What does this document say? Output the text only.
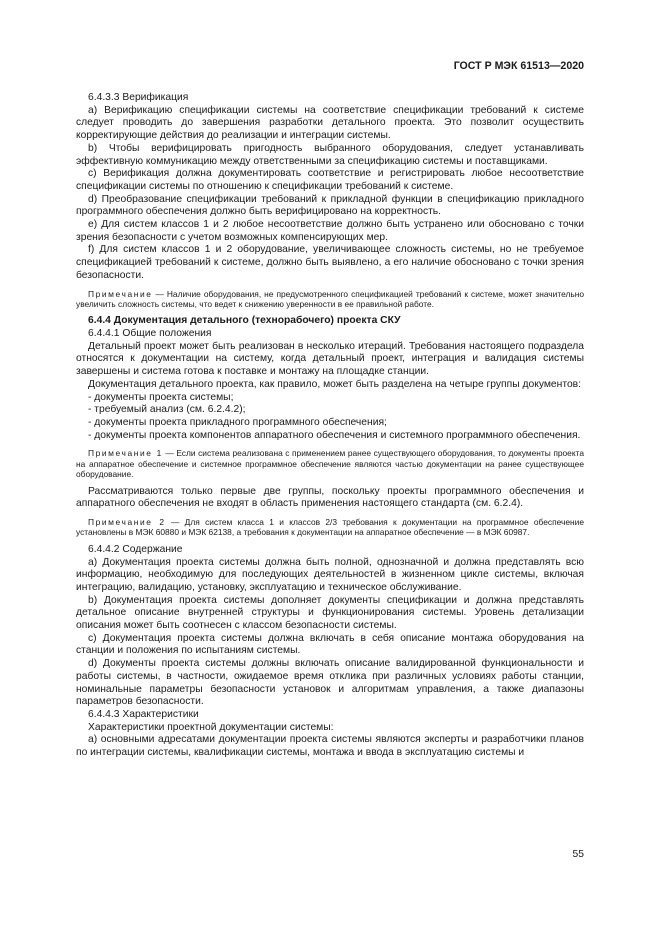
ГОСТ Р МЭК 61513—2020

6.4.3.3 Верификация

a) Верификацию спецификации системы на соответствие спецификации требований к системе следует проводить до завершения разработки детального проекта. Это позволит осуществить корректирующие действия до реализации и интеграции системы.

b) Чтобы верифицировать пригодность выбранного оборудования, следует устанавливать эффективную коммуникацию между ответственными за спецификацию системы и поставщиками.

c) Верификация должна документировать соответствие и регистрировать любое несоответствие спецификации системы по отношению к спецификации требований к системе.

d) Преобразование спецификации требований к прикладной функции в спецификацию прикладного программного обеспечения должно быть верифицировано на корректность.

e) Для систем классов 1 и 2 любое несоответствие должно быть устранено или обосновано с точки зрения безопасности с учетом возможных компенсирующих мер.

f) Для систем классов 1 и 2 оборудование, увеличивающее сложность системы, но не требуемое спецификацией требований к системе, должно быть выявлено, а его наличие обосновано с точки зрения безопасности.

Примечание — Наличие оборудования, не предусмотренного спецификацией требований к системе, может значительно увеличить сложность системы, что ведет к снижению уверенности в ее правильной работе.

6.4.4 Документация детального (технорабочего) проекта СКУ

6.4.4.1 Общие положения

Детальный проект может быть реализован в несколько итераций. Требования настоящего подраздела относятся к документации на систему, когда детальный проект, интеграция и валидация системы завершены и система готова к поставке и монтажу на площадке станции.

Документация детального проекта, как правило, может быть разделена на четыре группы документов:

- документы проекта системы;

- требуемый анализ (см. 6.2.4.2);

- документы проекта прикладного программного обеспечения;

- документы проекта компонентов аппаратного обеспечения и системного программного обеспечения.

Примечание 1 — Если система реализована с применением ранее существующего оборудования, то документы проекта на аппаратное обеспечение и системное программное обеспечение являются частью документации на ранее существующее оборудование.

Рассматриваются только первые две группы, поскольку проекты программного обеспечения и аппаратного обеспечения не входят в область применения настоящего стандарта (см. 6.2.4).

Примечание 2 — Для систем класса 1 и классов 2/3 требования к документации на программное обеспечение установлены в МЭК 60880 и МЭК 62138, а требования к документации на аппаратное обеспечение — в МЭК 60987.

6.4.4.2 Содержание

a) Документация проекта системы должна быть полной, однозначной и должна представлять всю информацию, необходимую для последующих деятельностей в жизненном цикле системы, включая интеграцию, валидацию, установку, эксплуатацию и техническое обслуживание.

b) Документация проекта системы дополняет документы спецификации и должна представлять детальное описание внутренней структуры и функционирования системы. Уровень детализации описания может быть соотнесен с классом безопасности системы.

c) Документация проекта системы должна включать в себя описание монтажа оборудования на станции и положения по испытаниям системы.

d) Документы проекта системы должны включать описание валидированной функциональности и работы системы, в частности, ожидаемое время отклика при различных условиях работы станции, номинальные параметры безопасности установок и алгоритмам управления, а также диапазоны параметров безопасности.

6.4.4.3 Характеристики

Характеристики проектной документации системы:

a) основными адресатами документации проекта системы являются эксперты и разработчики планов по интеграции системы, квалификации системы, монтажа и ввода в эксплуатацию системы и

55
